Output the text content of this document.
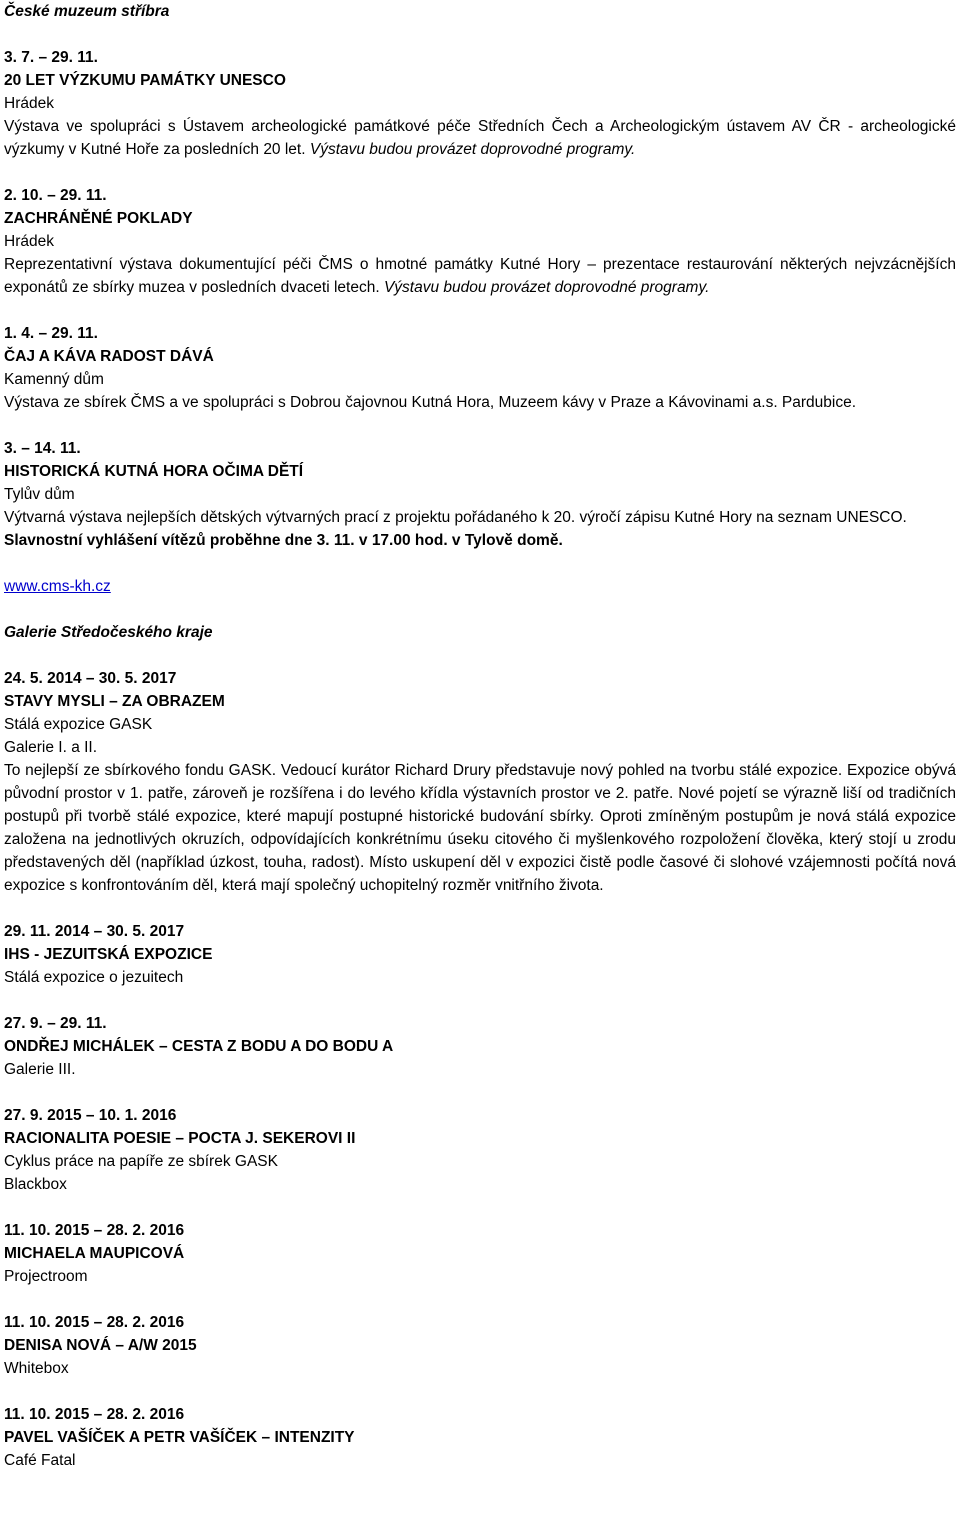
České muzeum stříbra
3. 7. – 29. 11.
20 LET VÝZKUMU PAMÁTKY UNESCO
Hrádek
Výstava ve spolupráci s Ústavem archeologické památkové péče Středních Čech a Archeologickým ústavem AV ČR - archeologické výzkumy v Kutné Hoře za posledních 20 let. Výstavu budou provázet doprovodné programy.
2. 10. – 29. 11.
ZACHRÁNĚNÉ POKLADY
Hrádek
Reprezentativní výstava dokumentující péči ČMS o hmotné památky Kutné Hory – prezentace restaurování některých nejvzácnějších exponátů ze sbírky muzea v posledních dvaceti letech. Výstavu budou provázet doprovodné programy.
1. 4. – 29. 11.
ČAJ A KÁVA RADOST DÁVÁ
Kamenný dům
Výstava ze sbírek ČMS a ve spolupráci s Dobrou čajovnou Kutná Hora, Muzeem kávy v Praze a Kávovinami a.s. Pardubice.
3. – 14. 11.
HISTORICKÁ KUTNÁ HORA OČIMA DĚTÍ
Tylův dům
Výtvarná výstava nejlepších dětských výtvarných prací z projektu pořádaného k 20. výročí zápisu Kutné Hory na seznam UNESCO.
Slavnostní vyhlášení vítězů proběhne dne 3. 11. v 17.00 hod. v Tylově domě.
www.cms-kh.cz
Galerie Středočeského kraje
24. 5. 2014 – 30. 5. 2017
STAVY MYSLI – ZA OBRAZEM
Stálá expozice GASK
Galerie I. a II.
To nejlepší ze sbírkového fondu GASK. Vedoucí kurátor Richard Drury představuje nový pohled na tvorbu stálé expozice. Expozice obývá původní prostor v 1. patře, zároveň je rozšířena i do levého křídla výstavních prostor ve 2. patře. Nové pojetí se výrazně liší od tradičních postupů při tvorbě stálé expozice, které mapují postupné historické budování sbírky. Oproti zmíněným postupům je nová stálá expozice založena na jednotlivých okruzích, odpovídajících konkrétnímu úseku citového či myšlenkového rozpoložení člověka, který stojí u zrodu představených děl (například úzkost, touha, radost). Místo uskupení děl v expozici čistě podle časové či slohové vzájemnosti počítá nová expozice s konfrontováním děl, která mají společný uchopitelný rozměr vnitřního života.
29. 11. 2014 – 30. 5. 2017
IHS - JEZUITSKÁ EXPOZICE
Stálá expozice o jezuitech
27. 9. – 29. 11.
ONDŘEJ MICHÁLEK – CESTA Z BODU A DO BODU A
Galerie III.
27. 9. 2015 – 10. 1. 2016
RACIONALITA POESIE – POCTA J. SEKEROVI II
Cyklus práce na papíře ze sbírek GASK
Blackbox
11. 10. 2015 – 28. 2. 2016
MICHAELA MAUPICOVÁ
Projectroom
11. 10. 2015 – 28. 2. 2016
DENISA NOVÁ – A/W 2015
Whitebox
11. 10. 2015 – 28. 2. 2016
PAVEL VAŠÍČEK A PETR VAŠÍČEK – INTENZITY
Café Fatal
